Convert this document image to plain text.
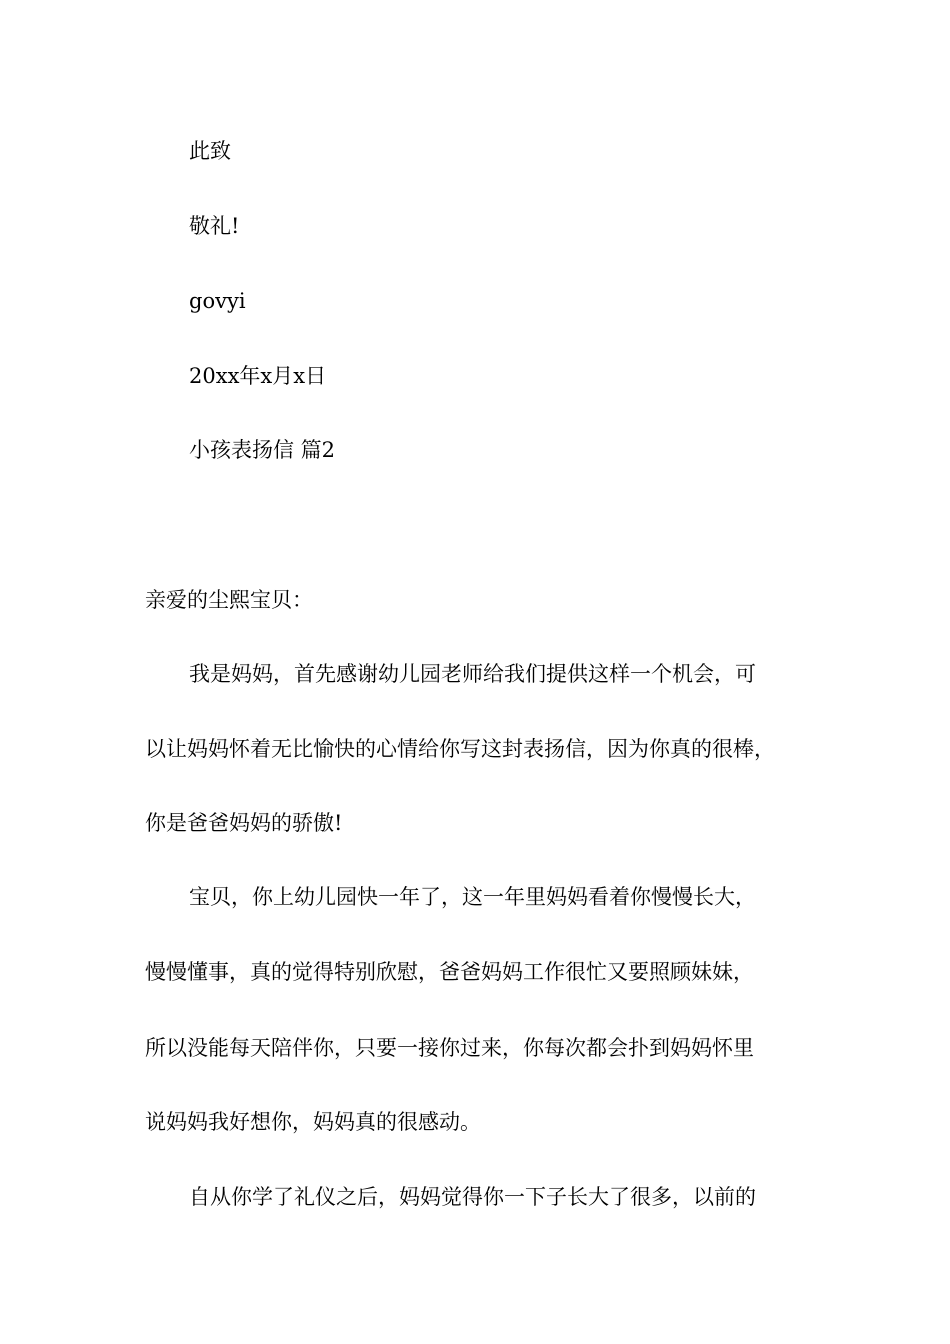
此致
敬礼!
govyi
20xx年x月x日
小孩表扬信 篇2
亲爱的尘熙宝贝：
我是妈妈，首先感谢幼儿园老师给我们提供这样一个机会，可
以让妈妈怀着无比愉快的心情给你写这封表扬信，因为你真的很棒，
你是爸爸妈妈的骄傲!
宝贝，你上幼儿园快一年了，这一年里妈妈看着你慢慢长大，
慢慢懂事，真的觉得特别欣慰，爸爸妈妈工作很忙又要照顾妹妹，
所以没能每天陪伴你，只要一接你过来，你每次都会扑到妈妈怀里
说妈妈我好想你，妈妈真的很感动。
自从你学了礼仪之后，妈妈觉得你一下子长大了很多，以前的
